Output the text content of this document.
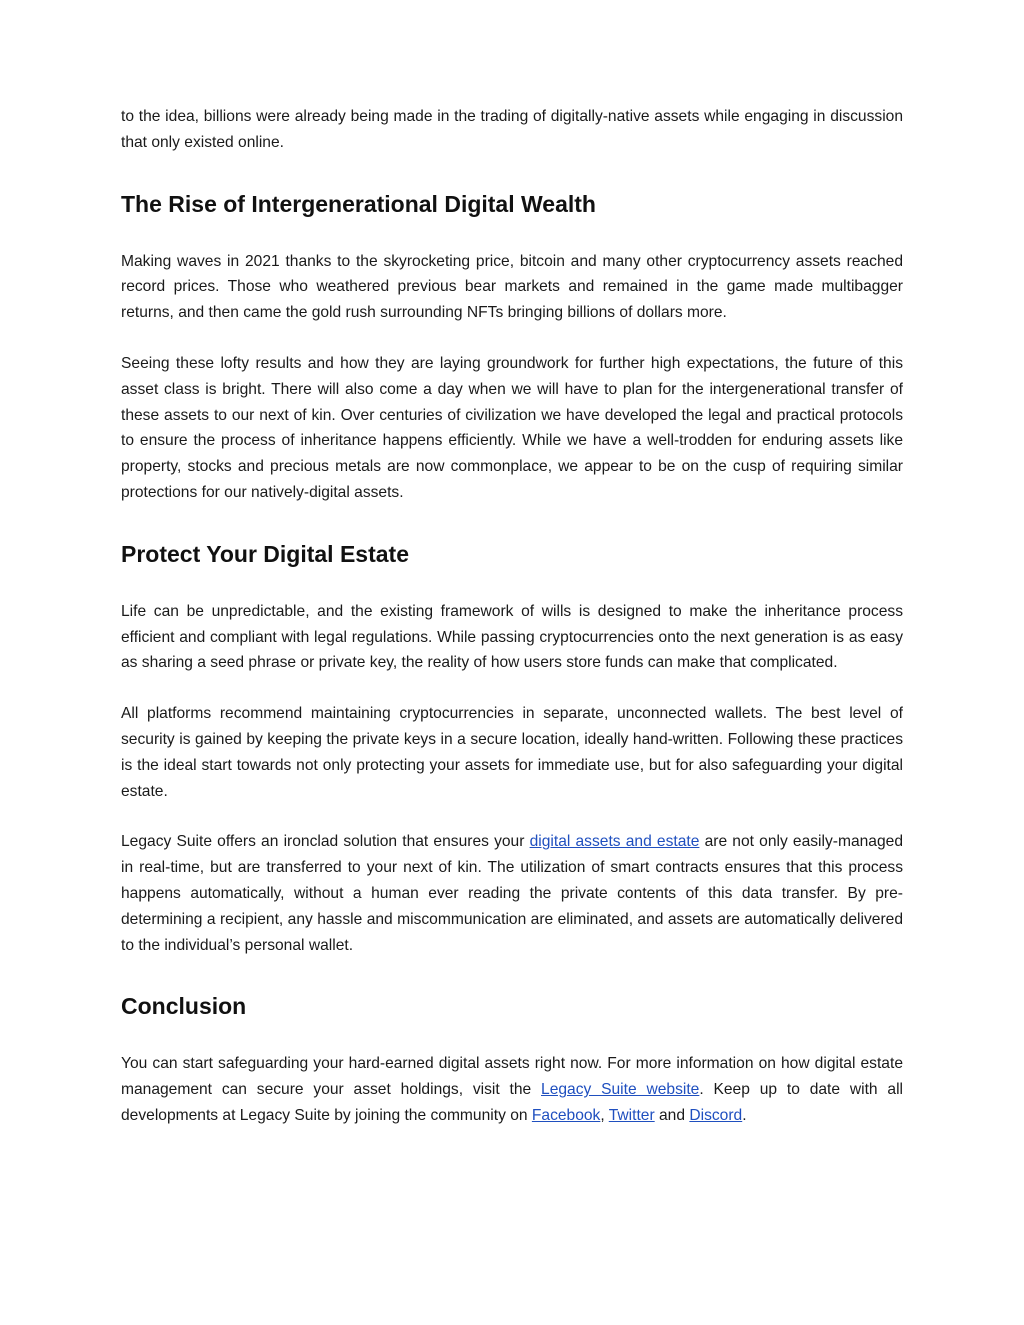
to the idea, billions were already being made in the trading of digitally-native assets while engaging in discussion that only existed online.

The Rise of Intergenerational Digital Wealth

Making waves in 2021 thanks to the skyrocketing price, bitcoin and many other cryptocurrency assets reached record prices. Those who weathered previous bear markets and remained in the game made multibagger returns, and then came the gold rush surrounding NFTs bringing billions of dollars more.

Seeing these lofty results and how they are laying groundwork for further high expectations, the future of this asset class is bright. There will also come a day when we will have to plan for the intergenerational transfer of these assets to our next of kin. Over centuries of civilization we have developed the legal and practical protocols to ensure the process of inheritance happens efficiently. While we have a well-trodden for enduring assets like property, stocks and precious metals are now commonplace, we appear to be on the cusp of requiring similar protections for our natively-digital assets.

Protect Your Digital Estate

Life can be unpredictable, and the existing framework of wills is designed to make the inheritance process efficient and compliant with legal regulations. While passing cryptocurrencies onto the next generation is as easy as sharing a seed phrase or private key, the reality of how users store funds can make that complicated.

All platforms recommend maintaining cryptocurrencies in separate, unconnected wallets. The best level of security is gained by keeping the private keys in a secure location, ideally hand-written. Following these practices is the ideal start towards not only protecting your assets for immediate use, but for also safeguarding your digital estate.

Legacy Suite offers an ironclad solution that ensures your digital assets and estate are not only easily-managed in real-time, but are transferred to your next of kin. The utilization of smart contracts ensures that this process happens automatically, without a human ever reading the private contents of this data transfer. By pre-determining a recipient, any hassle and miscommunication are eliminated, and assets are automatically delivered to the individual’s personal wallet.

Conclusion

You can start safeguarding your hard-earned digital assets right now. For more information on how digital estate management can secure your asset holdings, visit the Legacy Suite website. Keep up to date with all developments at Legacy Suite by joining the community on Facebook, Twitter and Discord.
